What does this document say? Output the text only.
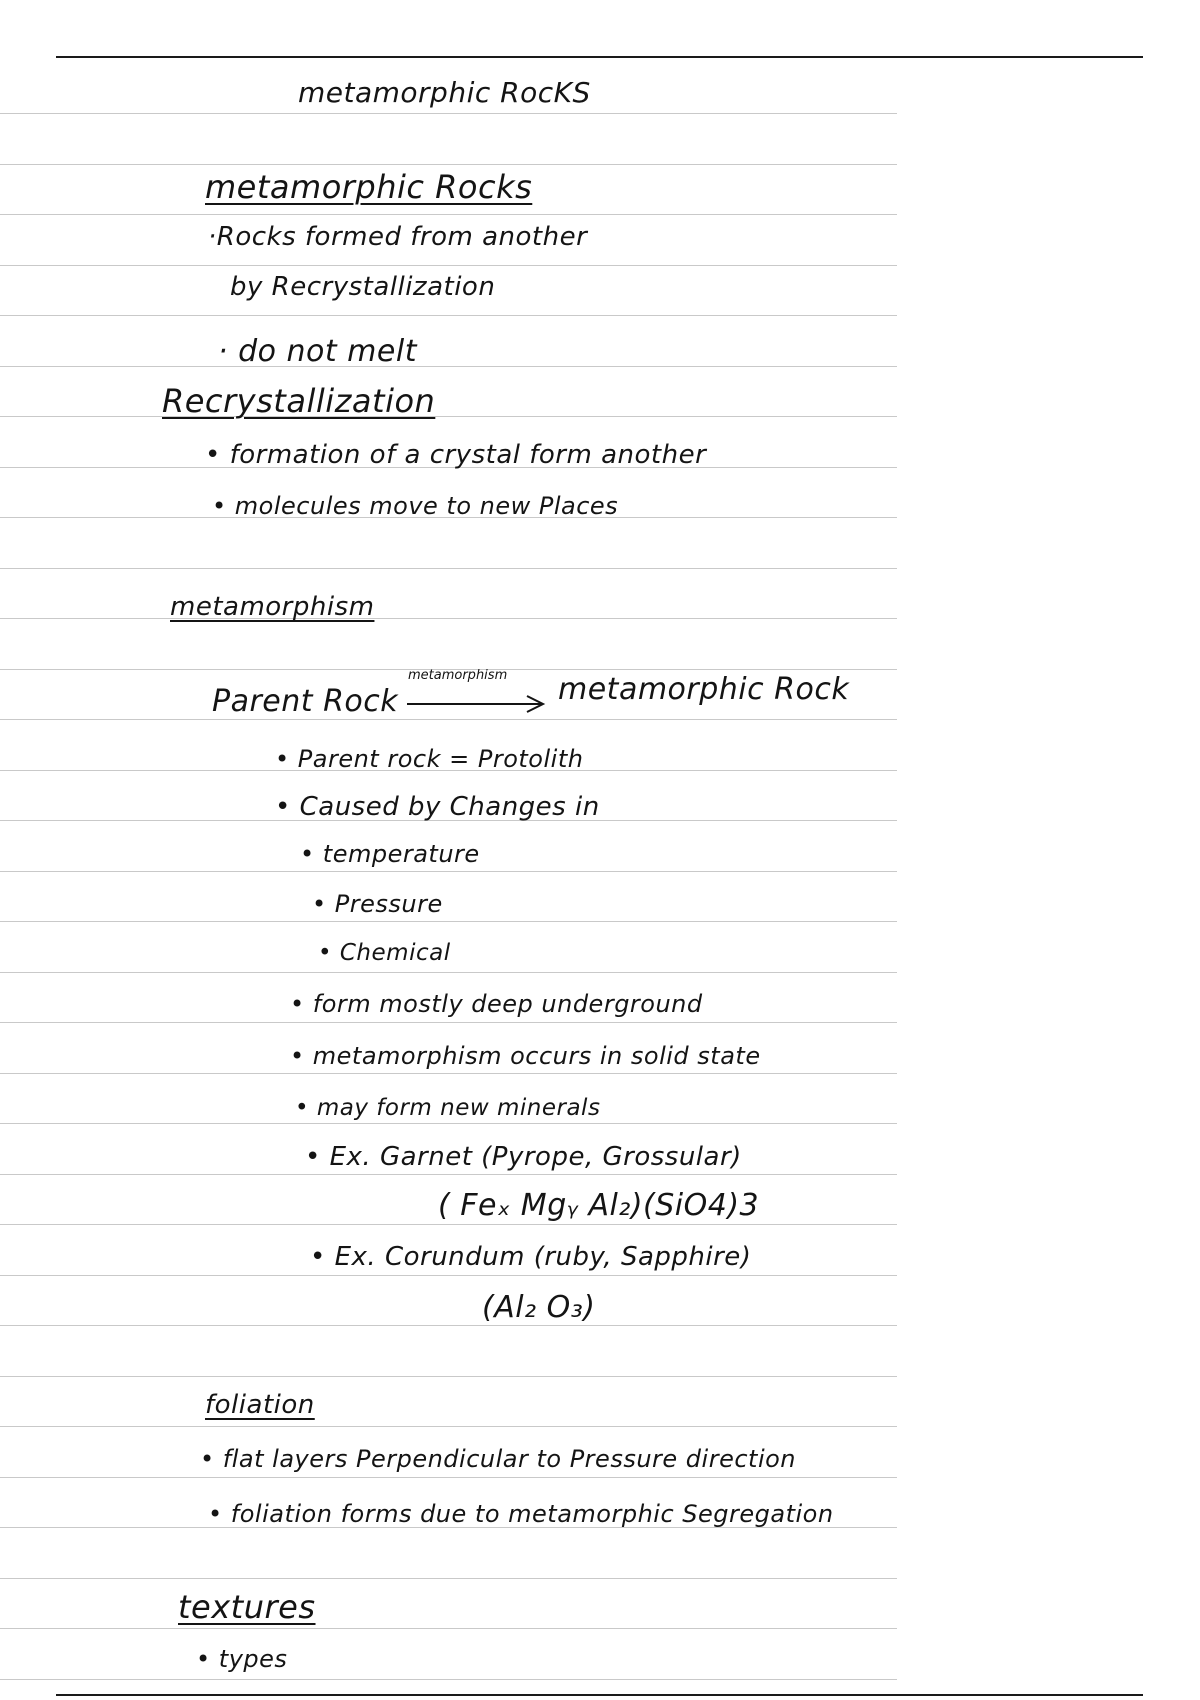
metamorphic RocKS
metamorphic Rocks
·Rocks formed from another
by Recrystallization
· do not melt
Recrystallization
• formation of a crystal form another
• molecules move to new Places
metamorphism
Parent Rock
metamorphism metamorphic Rock
• Parent rock = Protolith
• Caused by Changes in
• temperature
• Pressure
• Chemical
• form mostly deep underground
• metamorphism occurs in solid state
• may form new minerals
• Ex. Garnet (Pyrope, Grossular)
( Feₓ Mgᵧ Al₂)(SiO4)3
• Ex. Corundum (ruby, Sapphire)
(Al₂ O₃)
foliation
• flat layers Perpendicular to Pressure direction
• foliation forms due to metamorphic Segregation
textures
• types
